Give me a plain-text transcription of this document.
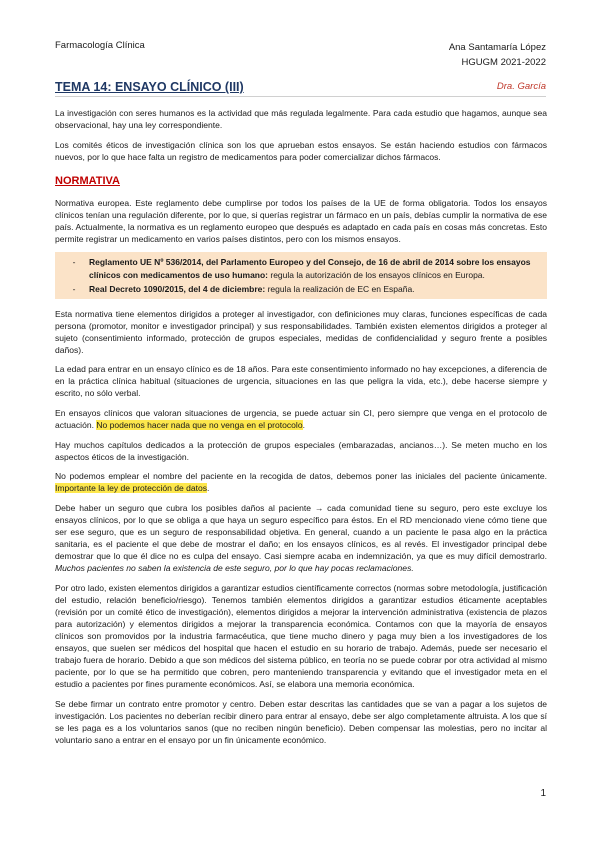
Farmacología Clínica	Ana Santamaría López
HGUGM 2021-2022
TEMA 14: ENSAYO CLÍNICO (III)	Dra. García

La investigación con seres humanos es la actividad que más regulada legalmente. Para cada estudio que hagamos, aunque sea observacional, hay una ley correspondiente.

Los comités éticos de investigación clínica son los que aprueban estos ensayos. Se están haciendo estudios con fármacos nuevos, por lo que hace falta un registro de medicamentos para poder comercializar dichos fármacos.

NORMATIVA

Normativa europea. Este reglamento debe cumplirse por todos los países de la UE de forma obligatoria. Todos los ensayos clínicos tenían una regulación diferente, por lo que, si querías registrar un fármaco en un país, debías cumplir la normativa de ese país. Actualmente, la normativa es un reglamento europeo que después es adaptado en cada país en cosas más concretas. Esto permite registrar un medicamento en varios países distintos, pero con los mismos ensayos.

-	Reglamento UE Nº 536/2014, del Parlamento Europeo y del Consejo, de 16 de abril de 2014 sobre los ensayos clínicos con medicamentos de uso humano: regula la autorización de los ensayos clínicos en Europa.
-	Real Decreto 1090/2015, del 4 de diciembre: regula la realización de EC en España.

Esta normativa tiene elementos dirigidos a proteger al investigador, con definiciones muy claras, funciones específicas de cada persona (promotor, monitor e investigador principal) y sus responsabilidades. También existen elementos dirigidos a proteger al sujeto (consentimiento informado, protección de grupos especiales, medidas de confidencialidad y seguro frente a posibles daños).

La edad para entrar en un ensayo clínico es de 18 años. Para este consentimiento informado no hay excepciones, a diferencia de en la práctica clínica habitual (situaciones de urgencia, situaciones en las que peligra la vida, etc.), debe hacerse siempre y escrito, no sólo verbal.

En ensayos clínicos que valoran situaciones de urgencia, se puede actuar sin CI, pero siempre que venga en el protocolo de actuación. No podemos hacer nada que no venga en el protocolo.

Hay muchos capítulos dedicados a la protección de grupos especiales (embarazadas, ancianos…). Se meten mucho en los aspectos éticos de la investigación.

No podemos emplear el nombre del paciente en la recogida de datos, debemos poner las iniciales del paciente únicamente. Importante la ley de protección de datos.

Debe haber un seguro que cubra los posibles daños al paciente → cada comunidad tiene su seguro, pero este excluye los ensayos clínicos, por lo que se obliga a que haya un seguro específico para éstos. En el RD mencionado viene cómo tiene que ser ese seguro, que es un seguro de responsabilidad objetiva. En general, cuando a un paciente le pasa algo en la práctica sanitaria, es el paciente el que debe de mostrar el daño; en los ensayos clínicos, es al revés. El investigador principal debe demostrar que lo que él dice no es culpa del ensayo. Casi siempre acaba en indemnización, ya que es muy difícil demostrarlo. Muchos pacientes no saben la existencia de este seguro, por lo que hay pocas reclamaciones.

Por otro lado, existen elementos dirigidos a garantizar estudios científicamente correctos (normas sobre metodología, justificación del estudio, relación beneficio/riesgo). Tenemos también elementos dirigidos a garantizar estudios éticamente aceptables (revisión por un comité ético de investigación), elementos dirigidos a mejorar la intervención administrativa (existencia de plazos para autorización) y elementos dirigidos a mejorar la transparencia económica. Contamos con que la mayoría de ensayos clínicos son promovidos por la industria farmacéutica, que tiene mucho dinero y paga muy bien a los investigadores de los ensayos, que suelen ser médicos del hospital que hacen el estudio en su horario de trabajo. Además, puede ser necesario el trabajo fuera de horario. Debido a que son médicos del sistema público, en teoría no se puede cobrar por otra actividad al mismo paciente, por lo que se ha permitido que cobren, pero manteniendo transparencia y evitando que el investigador meta en el estudio a pacientes por fines puramente económicos. Así, se elabora una memoria económica.

Se debe firmar un contrato entre promotor y centro. Deben estar descritas las cantidades que se van a pagar a los sujetos de investigación. Los pacientes no deberían recibir dinero para entrar al ensayo, debe ser algo completamente altruista. A los que sí se les paga es a los voluntarios sanos (que no reciben ningún beneficio). Deben compensar las molestias, pero no incitar al voluntario sano a entrar en el ensayo por un fin únicamente económico.

1
